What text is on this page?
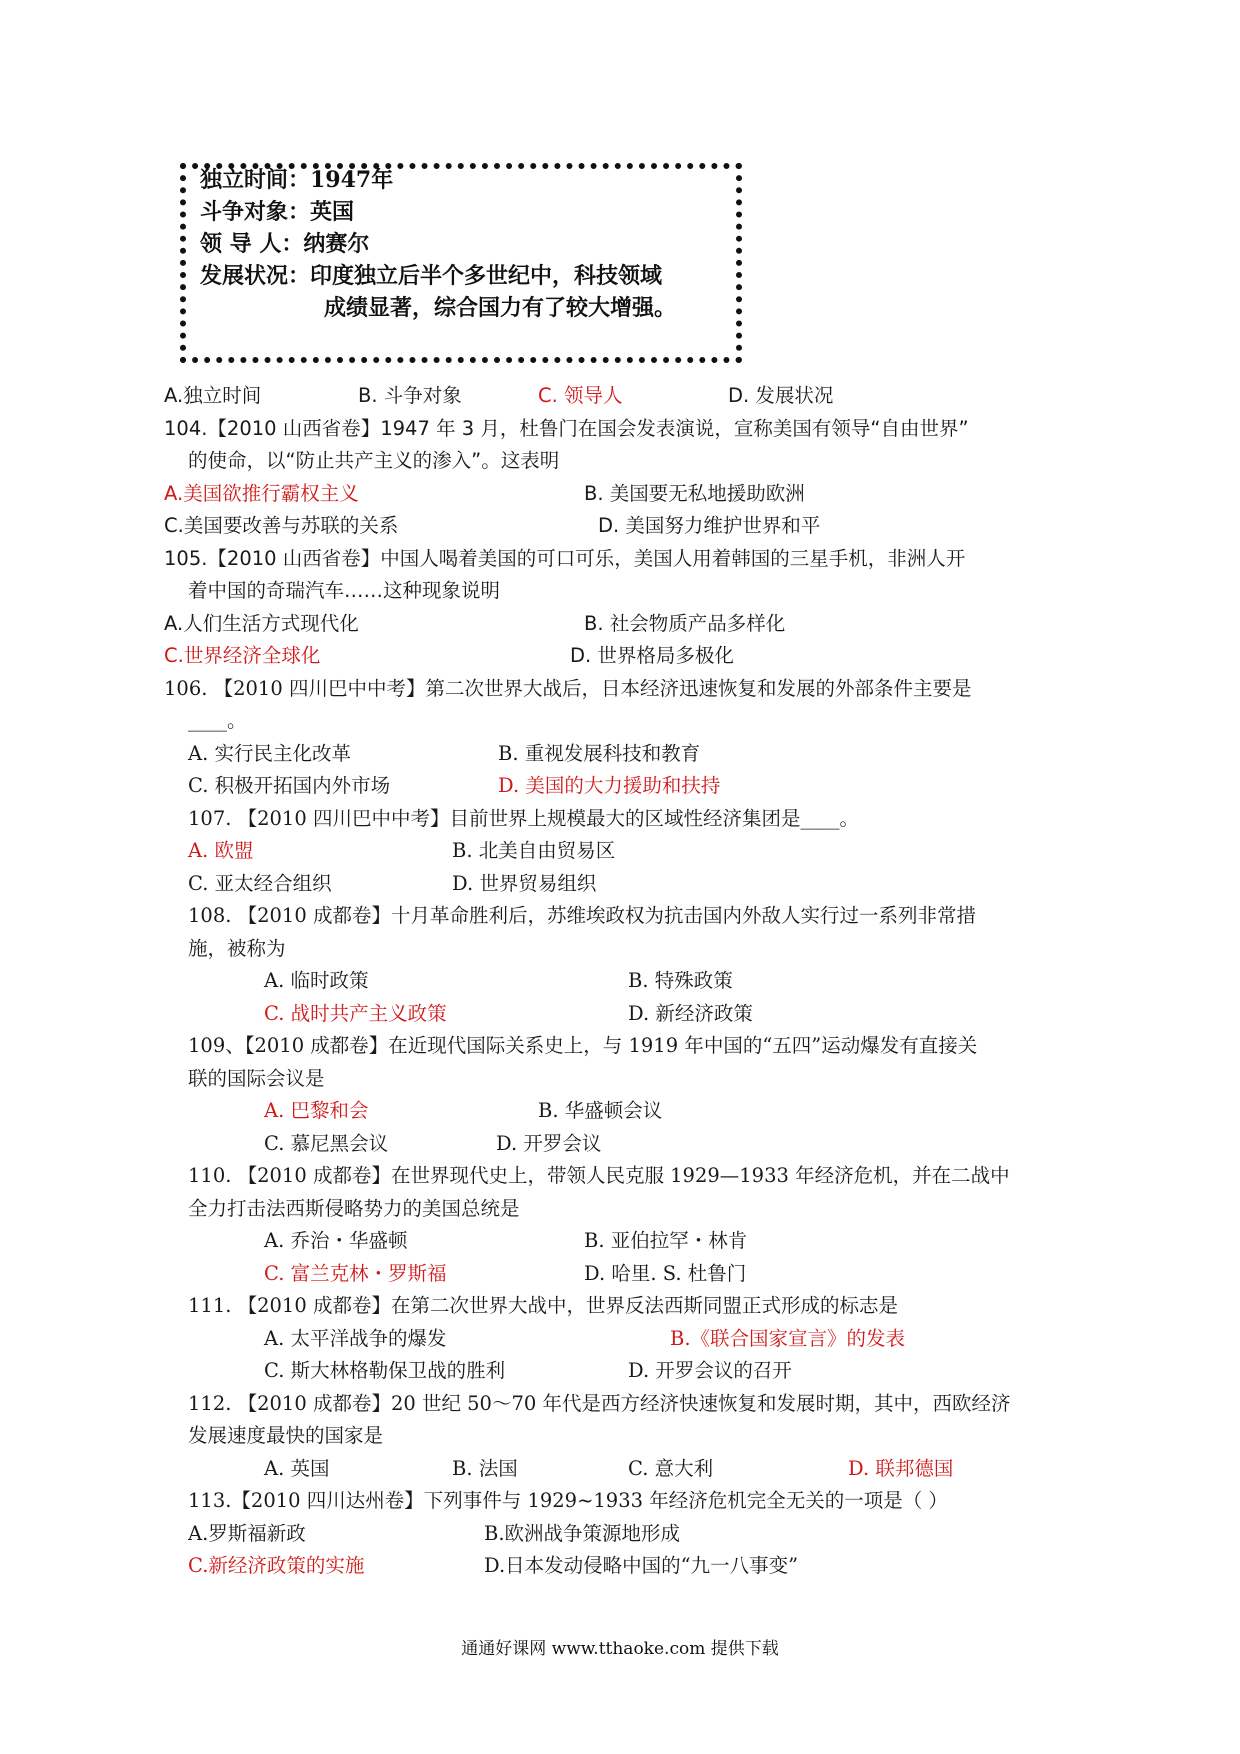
独立时间：1947年
斗争对象：英国
领 导 人：纳赛尔
发展状况：印度独立后半个多世纪中，科技领域
成绩显著，综合国力有了较大增强。
A.独立时间	B. 斗争对象	C. 领导人	D. 发展状况
104.【2010 山西省卷】1947 年 3 月，杜鲁门在国会发表演说，宣称美国有领导“自由世界”
的使命，以“防止共产主义的渗入”。这表明
A.美国欲推行霸权主义	B. 美国要无私地援助欧洲
C.美国要改善与苏联的关系	D. 美国努力维护世界和平
105.【2010 山西省卷】中国人喝着美国的可口可乐，美国人用着韩国的三星手机，非洲人开
着中国的奇瑞汽车……这种现象说明
A.人们生活方式现代化	B. 社会物质产品多样化
C.世界经济全球化	D. 世界格局多极化
106. 【2010 四川巴中中考】第二次世界大战后，日本经济迅速恢复和发展的外部条件主要是
____。
A. 实行民主化改革	B. 重视发展科技和教育
C. 积极开拓国内外市场	D. 美国的大力援助和扶持
107. 【2010 四川巴中中考】目前世界上规模最大的区域性经济集团是____。
A. 欧盟	B. 北美自由贸易区
C. 亚太经合组织	D. 世界贸易组织
108. 【2010 成都卷】十月革命胜利后，苏维埃政权为抗击国内外敌人实行过一系列非常措
施，被称为
A. 临时政策	B. 特殊政策
C. 战时共产主义政策	D. 新经济政策
109、【2010 成都卷】在近现代国际关系史上，与 1919 年中国的“五四”运动爆发有直接关
联的国际会议是
A. 巴黎和会	B. 华盛顿会议
C. 慕尼黑会议	D. 开罗会议
110. 【2010 成都卷】在世界现代史上，带领人民克服 1929—1933 年经济危机，并在二战中
全力打击法西斯侵略势力的美国总统是
A. 乔治・华盛顿	B. 亚伯拉罕・林肯
C. 富兰克林・罗斯福	D. 哈里. S. 杜鲁门
111. 【2010 成都卷】在第二次世界大战中，世界反法西斯同盟正式形成的标志是
A. 太平洋战争的爆发	B.《联合国家宣言》的发表
C. 斯大林格勒保卫战的胜利	D. 开罗会议的召开
112. 【2010 成都卷】20 世纪 50～70 年代是西方经济快速恢复和发展时期，其中，西欧经济
发展速度最快的国家是
A. 英国	B. 法国	C. 意大利	D. 联邦德国
113.【2010 四川达州卷】下列事件与 1929~1933 年经济危机完全无关的一项是（ ）
A.罗斯福新政	B.欧洲战争策源地形成
C.新经济政策的实施	D.日本发动侵略中国的“九一八事变”
通通好课网 www.tthaoke.com 提供下载
